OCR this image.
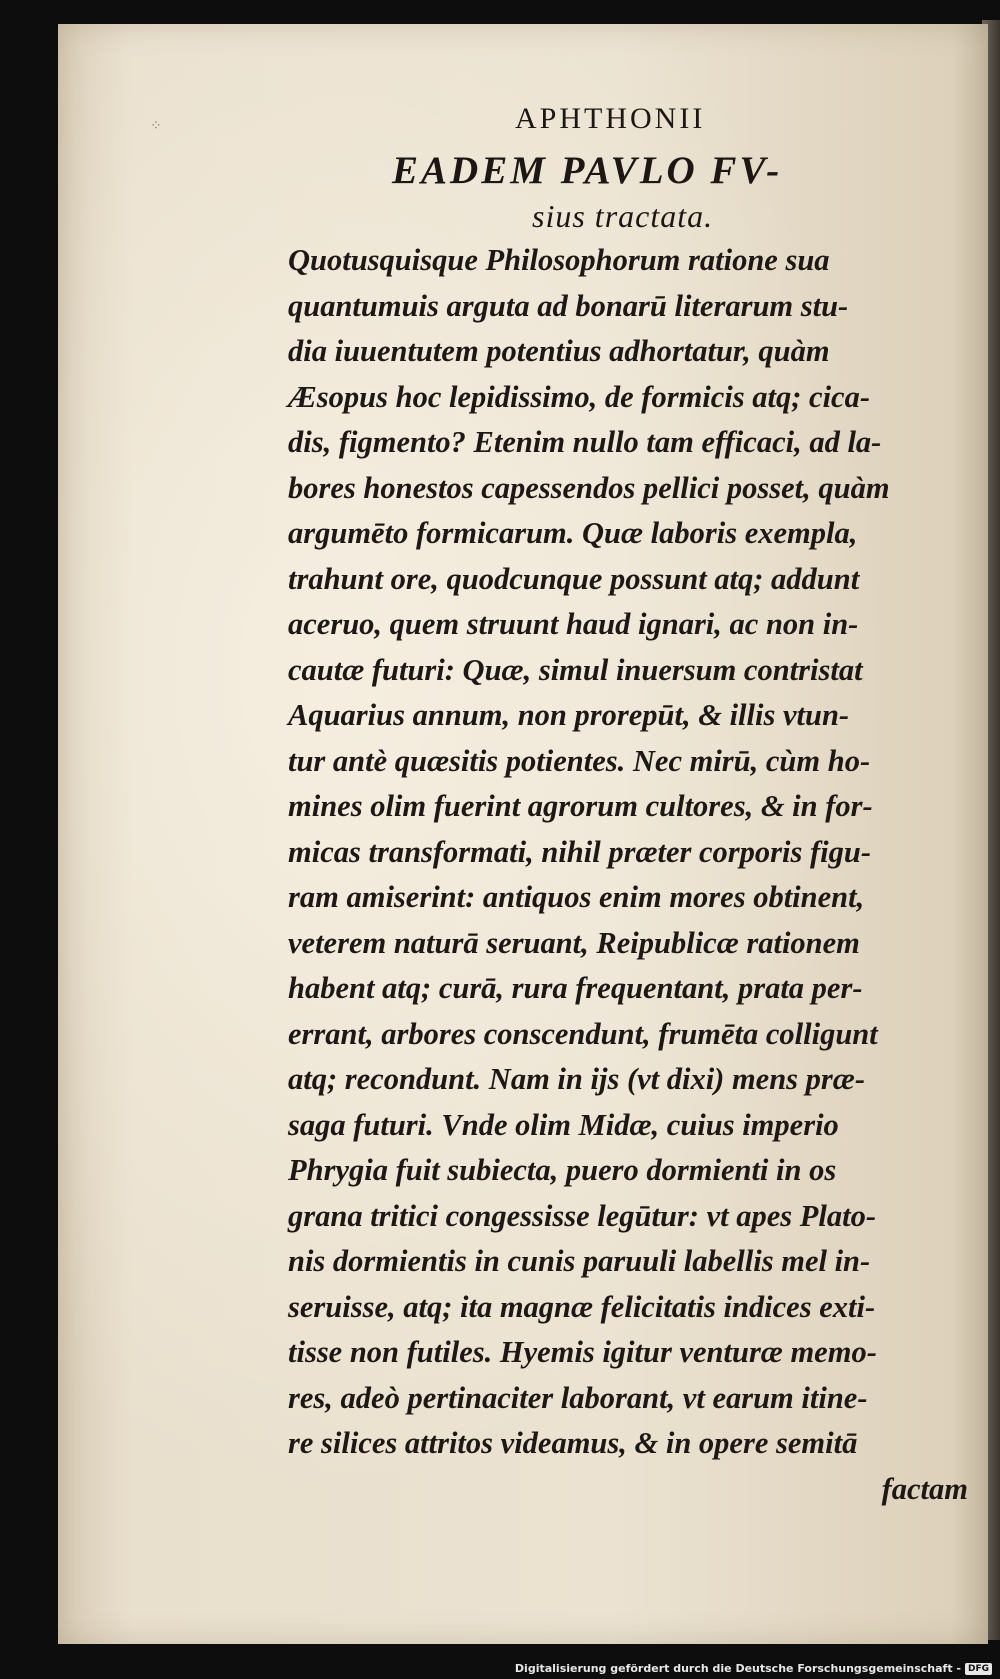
⁘	APHTHONII
EADEM PAVLO FV-
sius tractata.
Quotusquisque Philosophorum ratione sua
quantumuis arguta ad bonarū literarum stu-
dia iuuentutem potentius adhortatur, quàm
Æsopus hoc lepidissimo, de formicis atq; cica-
dis, figmento? Etenim nullo tam efficaci, ad la-
bores honestos capessendos pellici posset, quàm
argumēto formicarum. Quæ laboris exempla,
trahunt ore, quodcunque possunt atq; addunt
aceruo, quem struunt haud ignari, ac non in-
cautæ futuri: Quæ, simul inuersum contristat
Aquarius annum, non prorepūt, & illis vtun-
tur antè quæsitis potientes. Nec mirū, cùm ho-
mines olim fuerint agrorum cultores, & in for-
micas transformati, nihil præter corporis figu-
ram amiserint: antiquos enim mores obtinent,
veterem naturā seruant, Reipublicæ rationem
habent atq; curā, rura frequentant, prata per-
errant, arbores conscendunt, frumēta colligunt
atq; recondunt. Nam in ijs (vt dixi) mens præ-
saga futuri. Vnde olim Midæ, cuius imperio
Phrygia fuit subiecta, puero dormienti in os
grana tritici congessisse legūtur: vt apes Plato-
nis dormientis in cunis paruuli labellis mel in-
seruisse, atq; ita magnæ felicitatis indices exti-
tisse non futiles. Hyemis igitur venturæ memo-
res, adeò pertinaciter laborant, vt earum itine-
re silices attritos videamus, & in opere semitā
factam
Digitalisierung gefördert durch die Deutsche Forschungsgemeinschaft - DFG
